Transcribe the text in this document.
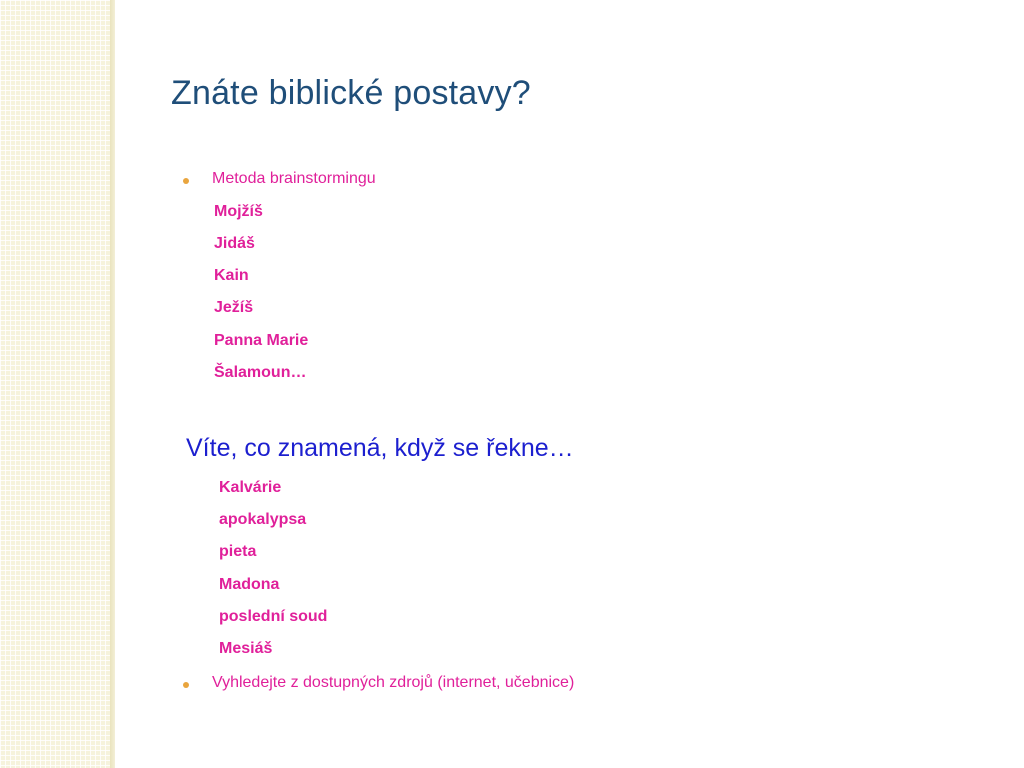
Znáte biblické postavy?

Metoda brainstormingu

Mojžíš

Jidáš

Kain

Ježíš

Panna Marie

Šalamoun…

Víte, co znamená, když se řekne…

Kalvárie

apokalypsa

pieta

Madona

poslední soud

Mesiáš

Vyhledejte z dostupných zdrojů (internet, učebnice)
